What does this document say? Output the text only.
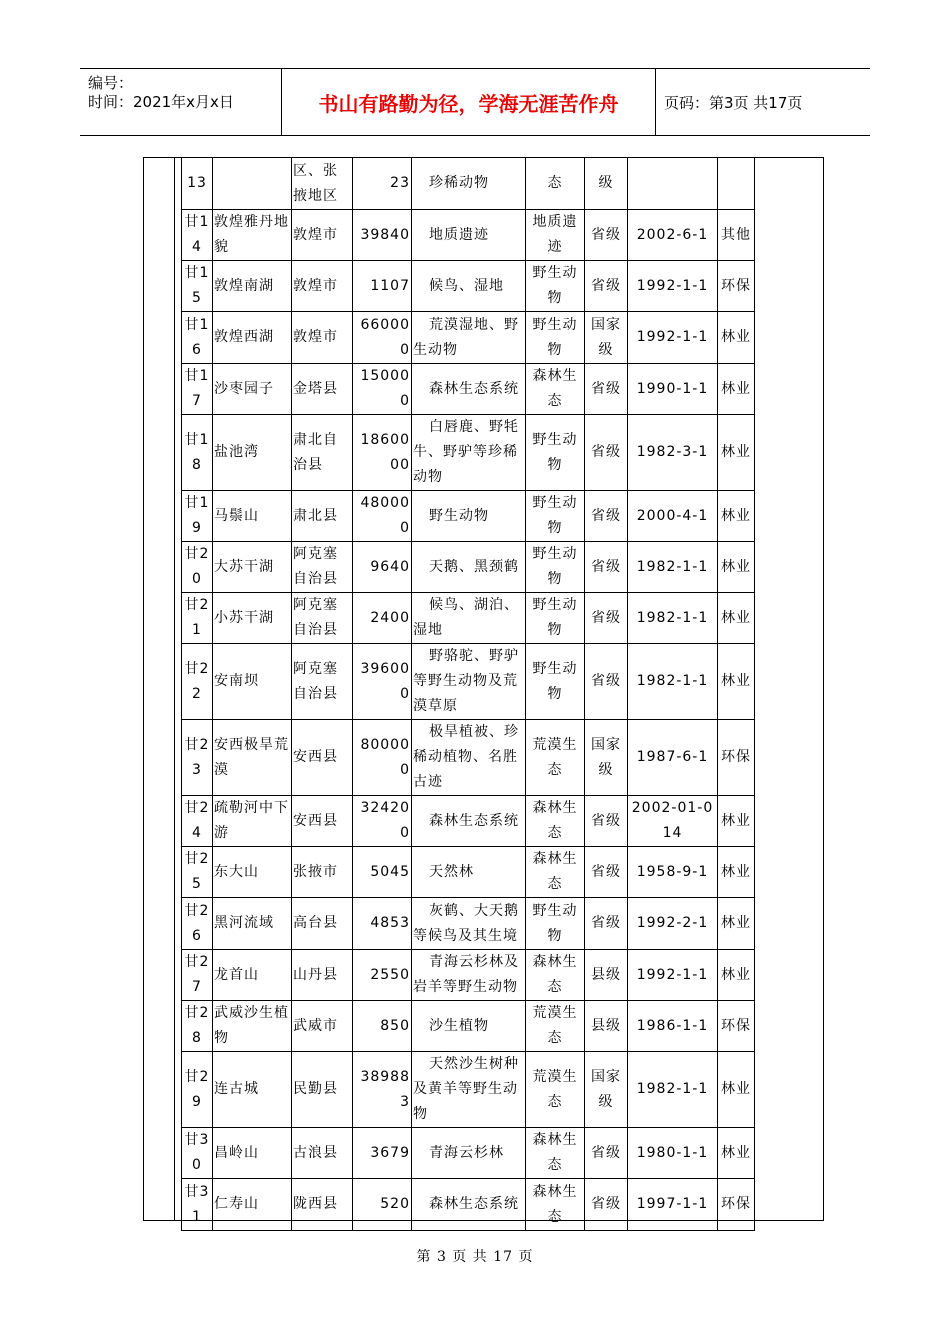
编号：
时间：2021年x月x日	书山有路勤为径，学海无涯苦作舟	页码：第3页 共17页
13		区、张掖地区	23	珍稀动物	态	级		
甘14	敦煌雅丹地貌	敦煌市	39840	地质遗迹	地质遗迹	省级	2002-6-1	其他
甘15	敦煌南湖	敦煌市	1107	候鸟、湿地	野生动物	省级	1992-1-1	环保
甘16	敦煌西湖	敦煌市	660000	荒漠湿地、野生动物	野生动物	国家级	1992-1-1	林业
甘17	沙枣园子	金塔县	150000	森林生态系统	森林生态	省级	1990-1-1	林业
甘18	盐池湾	肃北自治县	1860000	白唇鹿、野牦牛、野驴等珍稀动物	野生动物	省级	1982-3-1	林业
甘19	马鬃山	肃北县	480000	野生动物	野生动物	省级	2000-4-1	林业
甘20	大苏干湖	阿克塞自治县	9640	天鹅、黑颈鹤	野生动物	省级	1982-1-1	林业
甘21	小苏干湖	阿克塞自治县	2400	候鸟、湖泊、湿地	野生动物	省级	1982-1-1	林业
甘22	安南坝	阿克塞自治县	396000	野骆驼、野驴等野生动物及荒漠草原	野生动物	省级	1982-1-1	林业
甘23	安西极旱荒漠	安西县	800000	极旱植被、珍稀动植物、名胜古迹	荒漠生态	国家级	1987-6-1	环保
甘24	疏勒河中下游	安西县	324200	森林生态系统	森林生态	省级	2002-01-014	林业
甘25	东大山	张掖市	5045	天然林	森林生态	省级	1958-9-1	林业
甘26	黑河流域	高台县	4853	灰鹤、大天鹅等候鸟及其生境	野生动物	省级	1992-2-1	林业
甘27	龙首山	山丹县	2550	青海云杉林及岩羊等野生动物	森林生态	县级	1992-1-1	林业
甘28	武威沙生植物	武威市	850	沙生植物	荒漠生态	县级	1986-1-1	环保
甘29	连古城	民勤县	389883	天然沙生树种及黄羊等野生动物	荒漠生态	国家级	1982-1-1	林业
甘30	昌岭山	古浪县	3679	青海云杉林	森林生态	省级	1980-1-1	林业
甘31	仁寿山	陇西县	520	森林生态系统	森林生态	省级	1997-1-1	环保
第 3 页 共 17 页
